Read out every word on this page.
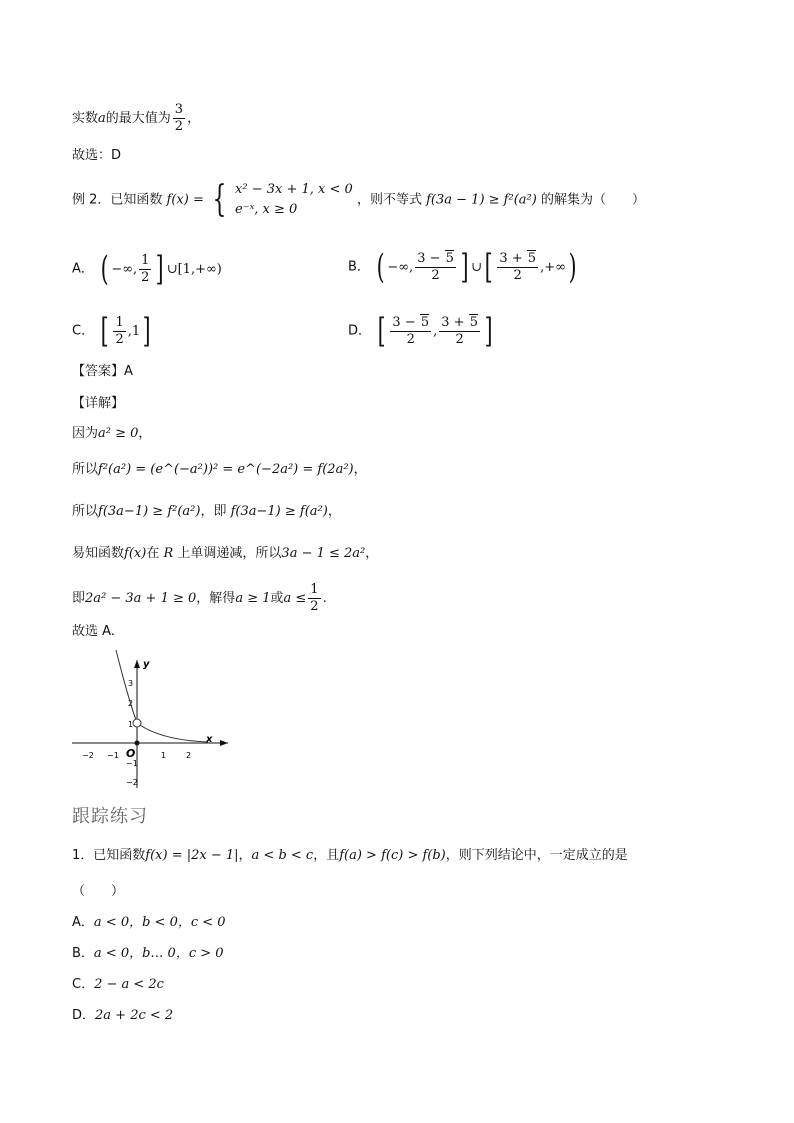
实数a的最大值为 $\frac{3}{2}$ ，
故选：D
例 2．已知函数 f(x) = { x² − 3x + 1, x < 0
e⁻ˣ, x ≥ 0
，则不等式 f(3a − 1) ≥ f²(a²) 的解集为（　　）
A． ( −∞, $\frac{1}{2}$ ] ∪[1,+∞)	B． ( −∞, $\frac{3 - 5}{2}$ ] ∪[ $\frac{3 + 5}{2}$ ,+∞)
C． [ $\frac{1}{2} ,1$]	D． [ $\frac{3 - 5}{2}$ , $\frac{3 + 5}{2}$ ]
【答案】A
【详解】
因为a² ≥ 0，
所以f²(a²) = (e^(−a²))² = e^(−2a²) = f(2a²)，
所以f(3a−1) ≥ f²(a²)，即 f(3a−1) ≥ f(a²)，
易知函数f(x)在 R 上单调递减，所以3a − 1 ≤ 2a²，
即2a² − 3a + 1 ≥ 0，解得a ≥ 1或$a \le \frac{1}{2}$ .
故选 A.
x
y
O
−2 −1	1 2
3
2
1
−1
−2
跟踪练习
1．已知函数f(x) = |2x − 1|，a < b < c，且f(a) > f(c) > f(b)，则下列结论中，一定成立的是
（　　）
A．a < 0，b < 0，c < 0
B．a < 0，b… 0，c > 0
C．2 − a < 2c
D．2a + 2c < 2
